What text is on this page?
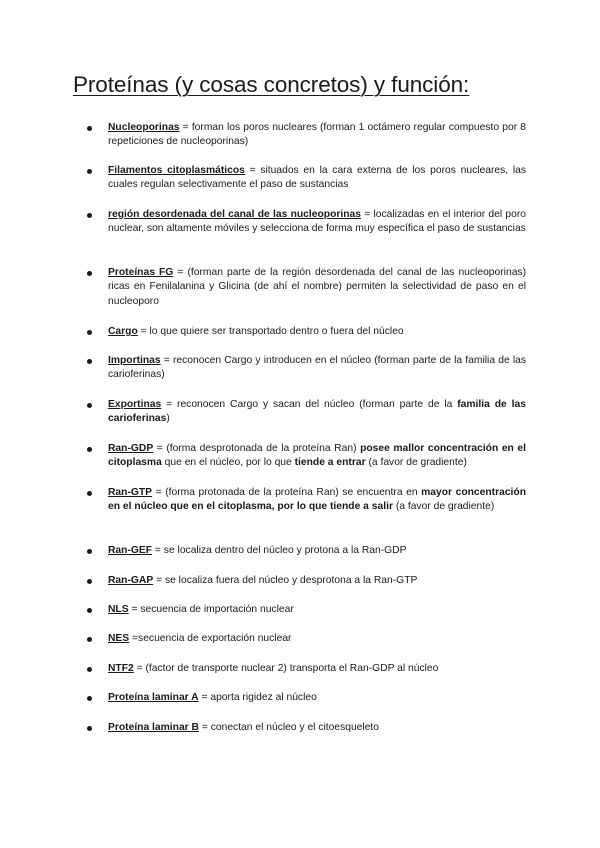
Proteínas (y cosas concretos) y función:
Nucleoporinas = forman los poros nucleares (forman 1 octámero regular compuesto por 8 repeticiones de nucleoporinas)
Filamentos citoplasmáticos = situados en la cara externa de los poros nucleares, las cuales regulan selectivamente el paso de sustancias
región desordenada del canal de las nucleoporinas = localizadas en el interior del poro nuclear, son altamente móviles y selecciona de forma muy específica el paso de sustancias
Proteínas FG = (forman parte de la región desordenada del canal de las nucleoporinas) ricas en Fenilalanina y Glicina (de ahí el nombre) permiten la selectividad de paso en el nucleoporo
Cargo = lo que quiere ser transportado dentro o fuera del núcleo
Importinas = reconocen Cargo y introducen en el núcleo (forman parte de la familia de las carioferinas)
Exportinas = reconocen Cargo y sacan del núcleo (forman parte de la familia de las carioferinas)
Ran-GDP = (forma desprotonada de la proteína Ran) posee mallor concentración en el citoplasma que en el núcleo, por lo que tiende a entrar (a favor de gradiente)
Ran-GTP = (forma protonada de la proteína Ran) se encuentra en mayor concentración en el núcleo que en el citoplasma, por lo que tiende a salir (a favor de gradiente)
Ran-GEF = se localiza dentro del núcleo y protona a la Ran-GDP
Ran-GAP = se localiza fuera del núcleo y desprotona a la Ran-GTP
NLS = secuencia de importación nuclear
NES =secuencia de exportación nuclear
NTF2 = (factor de transporte nuclear 2) transporta el Ran-GDP al núcleo
Proteína laminar A = aporta rigidez al núcleo
Proteína laminar B = conectan el núcleo y el citoesqueleto
